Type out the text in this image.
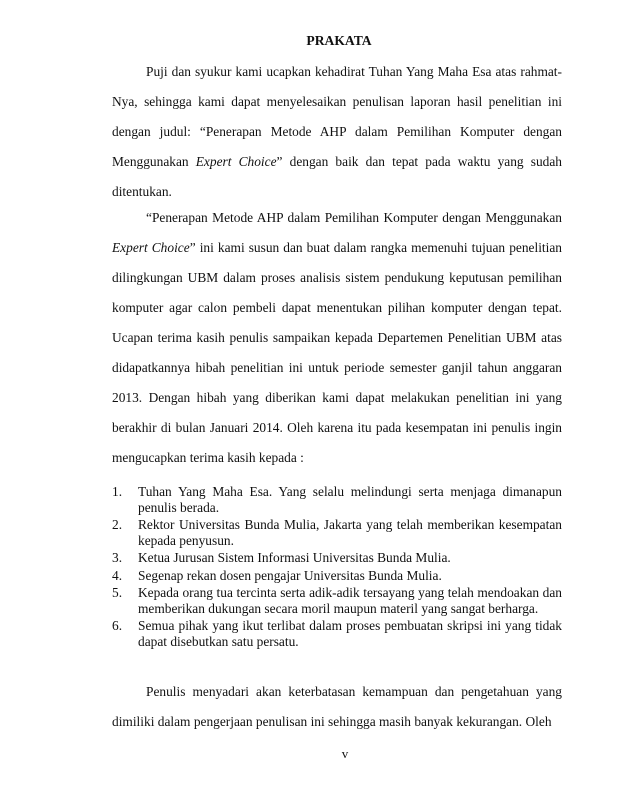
PRAKATA

Puji dan syukur kami ucapkan kehadirat Tuhan Yang Maha Esa atas rahmat-Nya, sehingga kami dapat menyelesaikan penulisan laporan hasil penelitian ini dengan judul: “Penerapan Metode AHP dalam Pemilihan Komputer dengan Menggunakan Expert Choice” dengan baik dan tepat pada waktu yang sudah ditentukan.

“Penerapan Metode AHP dalam Pemilihan Komputer dengan Menggunakan Expert Choice” ini kami susun dan buat dalam rangka memenuhi tujuan penelitian dilingkungan UBM dalam proses analisis sistem pendukung keputusan pemilihan komputer agar calon pembeli dapat menentukan pilihan komputer dengan tepat. Ucapan terima kasih penulis sampaikan kepada Departemen Penelitian UBM atas didapatkannya hibah penelitian ini untuk periode semester ganjil tahun anggaran 2013. Dengan hibah yang diberikan kami dapat melakukan penelitian ini yang berakhir di bulan Januari 2014. Oleh karena itu pada kesempatan ini penulis ingin mengucapkan terima kasih kepada :

1. Tuhan Yang Maha Esa. Yang selalu melindungi serta menjaga dimanapun penulis berada.
2. Rektor Universitas Bunda Mulia, Jakarta yang telah memberikan kesempatan kepada penyusun.
3. Ketua Jurusan Sistem Informasi Universitas Bunda Mulia.
4. Segenap rekan dosen pengajar Universitas Bunda Mulia.
5. Kepada orang tua tercinta serta adik-adik tersayang yang telah mendoakan dan memberikan dukungan secara moril maupun materil yang sangat berharga.
6. Semua pihak yang ikut terlibat dalam proses pembuatan skripsi ini yang tidak dapat disebutkan satu persatu.

Penulis menyadari akan keterbatasan kemampuan dan pengetahuan yang dimiliki dalam pengerjaan penulisan ini sehingga masih banyak kekurangan. Oleh

v
